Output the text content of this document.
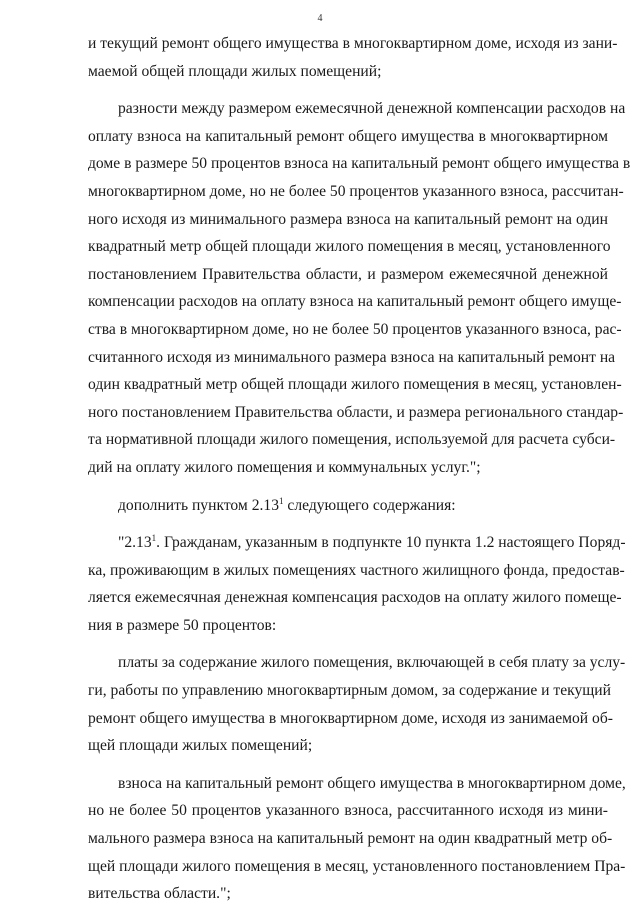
4
и текущий ремонт общего имущества в многоквартирном доме, исходя из зани-
маемой общей площади жилых помещений;
разности между размером ежемесячной денежной компенсации расходов на
оплату взноса на капитальный ремонт общего имущества в многоквартирном
доме в размере 50 процентов взноса на капитальный ремонт общего имущества в
многоквартирном доме, но не более 50 процентов указанного взноса, рассчитан-
ного исходя из минимального размера взноса на капитальный ремонт на один
квадратный метр общей площади жилого помещения в месяц, установленного
постановлением Правительства области, и размером ежемесячной денежной
компенсации расходов на оплату взноса на капитальный ремонт общего имуще-
ства в многоквартирном доме, но не более 50 процентов указанного взноса, рас-
считанного исходя из минимального размера взноса на капитальный ремонт на
один квадратный метр общей площади жилого помещения в месяц, установлен-
ного постановлением Правительства области, и размера регионального стандар-
та нормативной площади жилого помещения, используемой для расчета субси-
дий на оплату жилого помещения и коммунальных услуг.";
дополнить пунктом 2.13$^1$ следующего содержания:
"2.13$^1$. Гражданам, указанным в подпункте 10 пункта 1.2 настоящего Поряд-
ка, проживающим в жилых помещениях частного жилищного фонда, предостав-
ляется ежемесячная денежная компенсация расходов на оплату жилого помеще-
ния в размере 50 процентов:
платы за содержание жилого помещения, включающей в себя плату за услу-
ги, работы по управлению многоквартирным домом, за содержание и текущий
ремонт общего имущества в многоквартирном доме, исходя из занимаемой об-
щей площади жилых помещений;
взноса на капитальный ремонт общего имущества в многоквартирном доме,
но не более 50 процентов указанного взноса, рассчитанного исходя из мини-
мального размера взноса на капитальный ремонт на один квадратный метр об-
щей площади жилого помещения в месяц, установленного постановлением Пра-
вительства области.";
